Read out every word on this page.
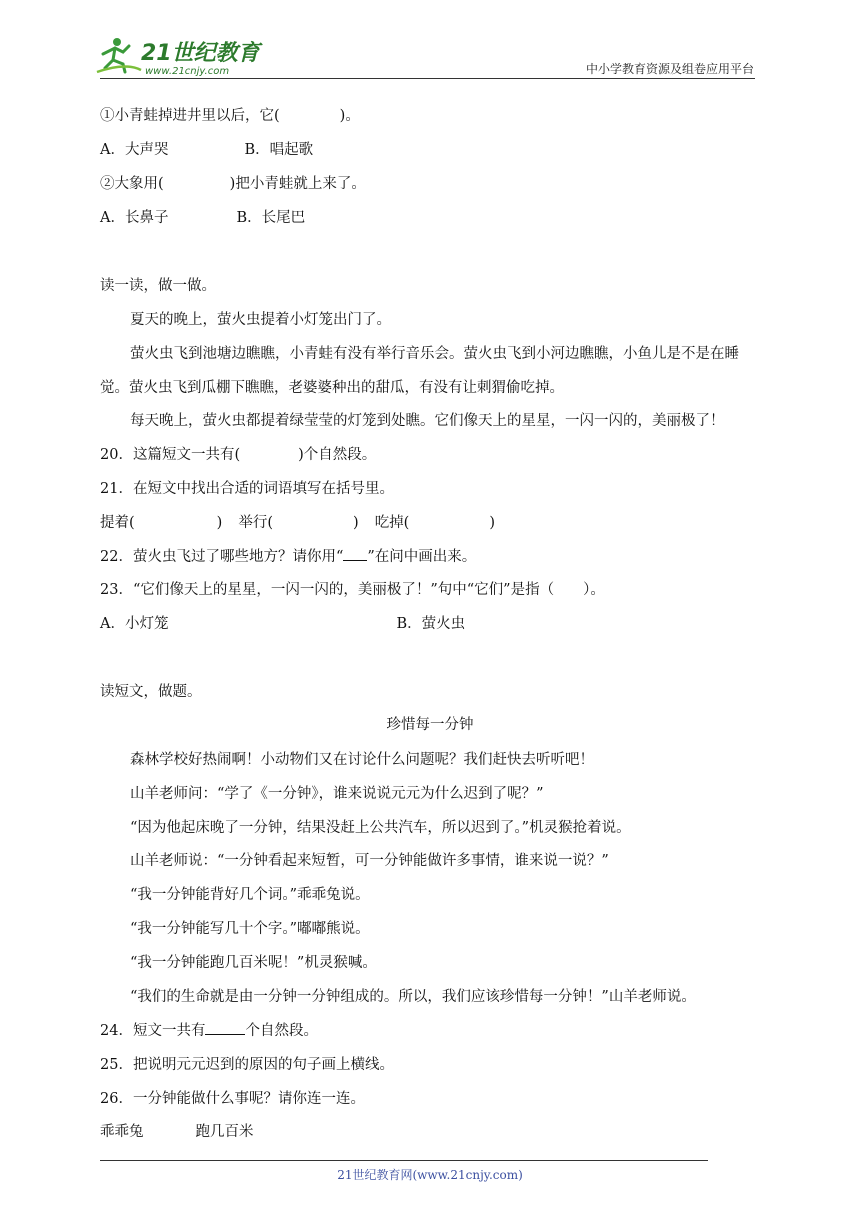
21世纪教育
www.21cnjy.com	中小学教育资源及组卷应用平台
①小青蛙掉进井里以后，它(	)。
A．大声哭	B．唱起歌
②大象用(	)把小青蛙就上来了。
A．长鼻子	B．长尾巴
读一读，做一做。
夏天的晚上，萤火虫提着小灯笼出门了。
萤火虫飞到池塘边瞧瞧，小青蛙有没有举行音乐会。萤火虫飞到小河边瞧瞧，小鱼儿是不是在睡
觉。萤火虫飞到瓜棚下瞧瞧，老婆婆种出的甜瓜，有没有让刺猬偷吃掉。
每天晚上，萤火虫都提着绿莹莹的灯笼到处瞧。它们像天上的星星，一闪一闪的，美丽极了！
20．这篇短文一共有(	)个自然段。
21．在短文中找出合适的词语填写在括号里。
提着(	) 举行(	) 吃掉(	)
22．萤火虫飞过了哪些地方？请你用“ ”在问中画出来。
23．“它们像天上的星星，一闪一闪的，美丽极了！”句中“它们”是指（　　）。
A．小灯笼	B．萤火虫
读短文，做题。
珍惜每一分钟
森林学校好热闹啊！小动物们又在讨论什么问题呢？我们赶快去听听吧！
山羊老师问：“学了《一分钟》，谁来说说元元为什么迟到了呢？”
“因为他起床晚了一分钟，结果没赶上公共汽车，所以迟到了。”机灵猴抢着说。
山羊老师说：“一分钟看起来短暂，可一分钟能做许多事情，谁来说一说？”
“我一分钟能背好几个词。”乖乖兔说。
“我一分钟能写几十个字。”嘟嘟熊说。
“我一分钟能跑几百米呢！”机灵猴喊。
“我们的生命就是由一分钟一分钟组成的。所以，我们应该珍惜每一分钟！”山羊老师说。
24．短文一共有	个自然段。
25．把说明元元迟到的原因的句子画上横线。
26．一分钟能做什么事呢？请你连一连。
乖乖兔	跑几百米
21世纪教育网(www.21cnjy.com)
